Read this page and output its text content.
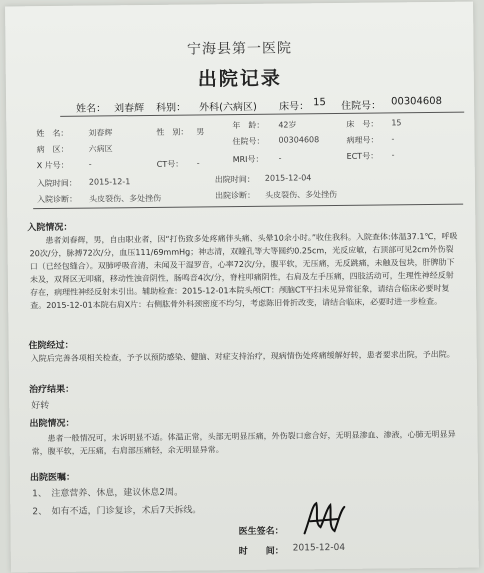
宁海县第一医院
出院记录
姓名： 刘春辉 科别： 外科(六病区) 床号： 15 住院号： 00304608
姓　名： 刘春辉	性　别： 男
年　龄： 42岁	床　号： 15
病　区： 六病区
住院号： 00304608	病理号： -
X 片号： -	CT号： -	MRI号： -	ECT号： -
入院时间： 2015-12-1	出院时间： 2015-12-04
入院诊断： 头皮裂伤、多处挫伤	出院诊断： 头皮裂伤、多处挫伤
入院情况：
患者刘春辉，男，自由职业者，因“打伤致多处疼痛伴头痛、头晕10余小时。”收住我科。入院查体:体温37.1℃，呼吸 20次/分，脉搏72次/分，血压111/69mmHg；神志清，双瞳孔等大等圆约0.25cm，光反应敏，右顶部可见2cm外伤裂口（已经包缝合）。双肺呼吸音清，未闻及干湿罗音，心率72次/分，腹平软，无压痛，无反跳痛，未触及包块，肝脾肋下未及，双肾区无叩痛，移动性浊音阴性，肠鸣音4次/分，脊柱叩痛阴性，右肩及左手压痛，四肢活动可，生理性神经反射存在，病理性神经反射未引出。辅助检查：2015-12-01本院头颅CT：颅脑CT平扫未见异常征象，请结合临床必要时复查。2015-12-01本院右肩X片：右侧肱骨外科颈密度不均匀，考虑陈旧骨折改变，请结合临床，必要时进一步检查。
住院经过：
入院后完善各项相关检查，予予以预防感染、健脑、对症支持治疗，现病情伤处疼痛缓解好转，患者要求出院，予出院。
治疗结果：
好转
出院情况：
患者一般情况可，未诉明显不适。体温正常，头部无明显压痛，外伤裂口愈合好，无明显渗血、渗液，心肺无明显异常，腹平软，无压痛，右肩部压痛轻，余无明显异常。
出院医嘱：
1、　注意营养、休息，建议休息2周。
2、　如有不适，门诊复诊，术后7天拆线。
医生签名：
时　　间： 2015-12-04
